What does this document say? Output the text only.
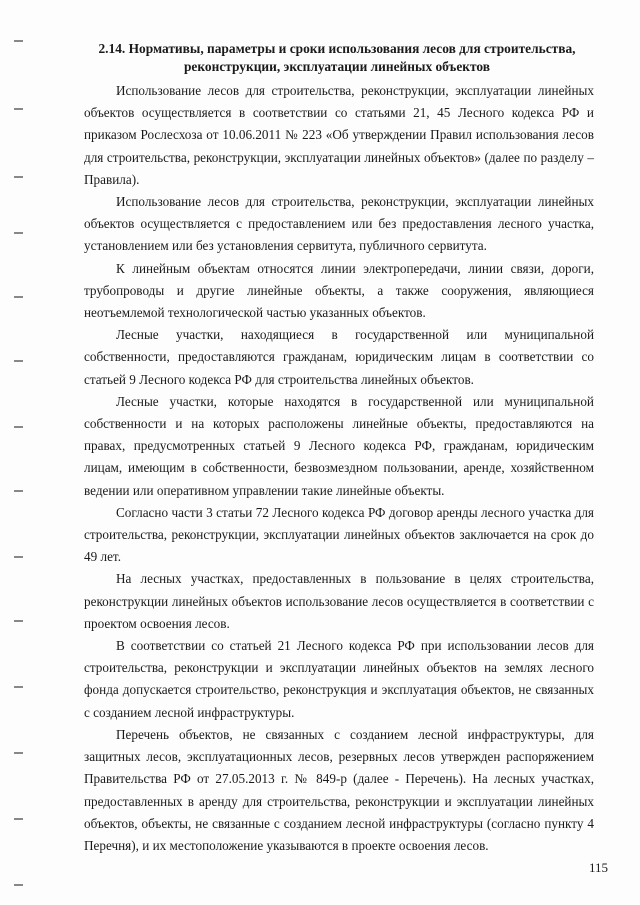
2.14. Нормативы, параметры и сроки использования лесов для строительства,
реконструкции, эксплуатации линейных объектов

Использование лесов для строительства, реконструкции, эксплуатации линейных объектов осуществляется в соответствии со статьями 21, 45 Лесного кодекса РФ и приказом Рослесхоза от 10.06.2011 № 223 «Об утверждении Правил использования лесов для строительства, реконструкции, эксплуатации линейных объектов» (далее по разделу – Правила).

Использование лесов для строительства, реконструкции, эксплуатации линейных объектов осуществляется с предоставлением или без предоставления лесного участка, установлением или без установления сервитута, публичного сервитута.

К линейным объектам относятся линии электропередачи, линии связи, дороги, трубопроводы и другие линейные объекты, а также сооружения, являющиеся неотъемлемой технологической частью указанных объектов.

Лесные участки, находящиеся в государственной или муниципальной собственности, предоставляются гражданам, юридическим лицам в соответствии со статьей 9 Лесного кодекса РФ для строительства линейных объектов.

Лесные участки, которые находятся в государственной или муниципальной собственности и на которых расположены линейные объекты, предоставляются на правах, предусмотренных статьей 9 Лесного кодекса РФ, гражданам, юридическим лицам, имеющим в собственности, безвозмездном пользовании, аренде, хозяйственном ведении или оперативном управлении такие линейные объекты.

Согласно части 3 статьи 72 Лесного кодекса РФ договор аренды лесного участка для строительства, реконструкции, эксплуатации линейных объектов заключается на срок до 49 лет.

На лесных участках, предоставленных в пользование в целях строительства, реконструкции линейных объектов использование лесов осуществляется в соответствии с проектом освоения лесов.

В соответствии со статьей 21 Лесного кодекса РФ при использовании лесов для строительства, реконструкции и эксплуатации линейных объектов на землях лесного фонда допускается строительство, реконструкция и эксплуатация объектов, не связанных с созданием лесной инфраструктуры.

Перечень объектов, не связанных с созданием лесной инфраструктуры, для защитных лесов, эксплуатационных лесов, резервных лесов утвержден распоряжением Правительства РФ от 27.05.2013 г. № 849-р (далее - Перечень). На лесных участках, предоставленных в аренду для строительства, реконструкции и эксплуатации линейных объектов, объекты, не связанные с созданием лесной инфраструктуры (согласно пункту 4 Перечня), и их местоположение указываются в проекте освоения лесов.

115
